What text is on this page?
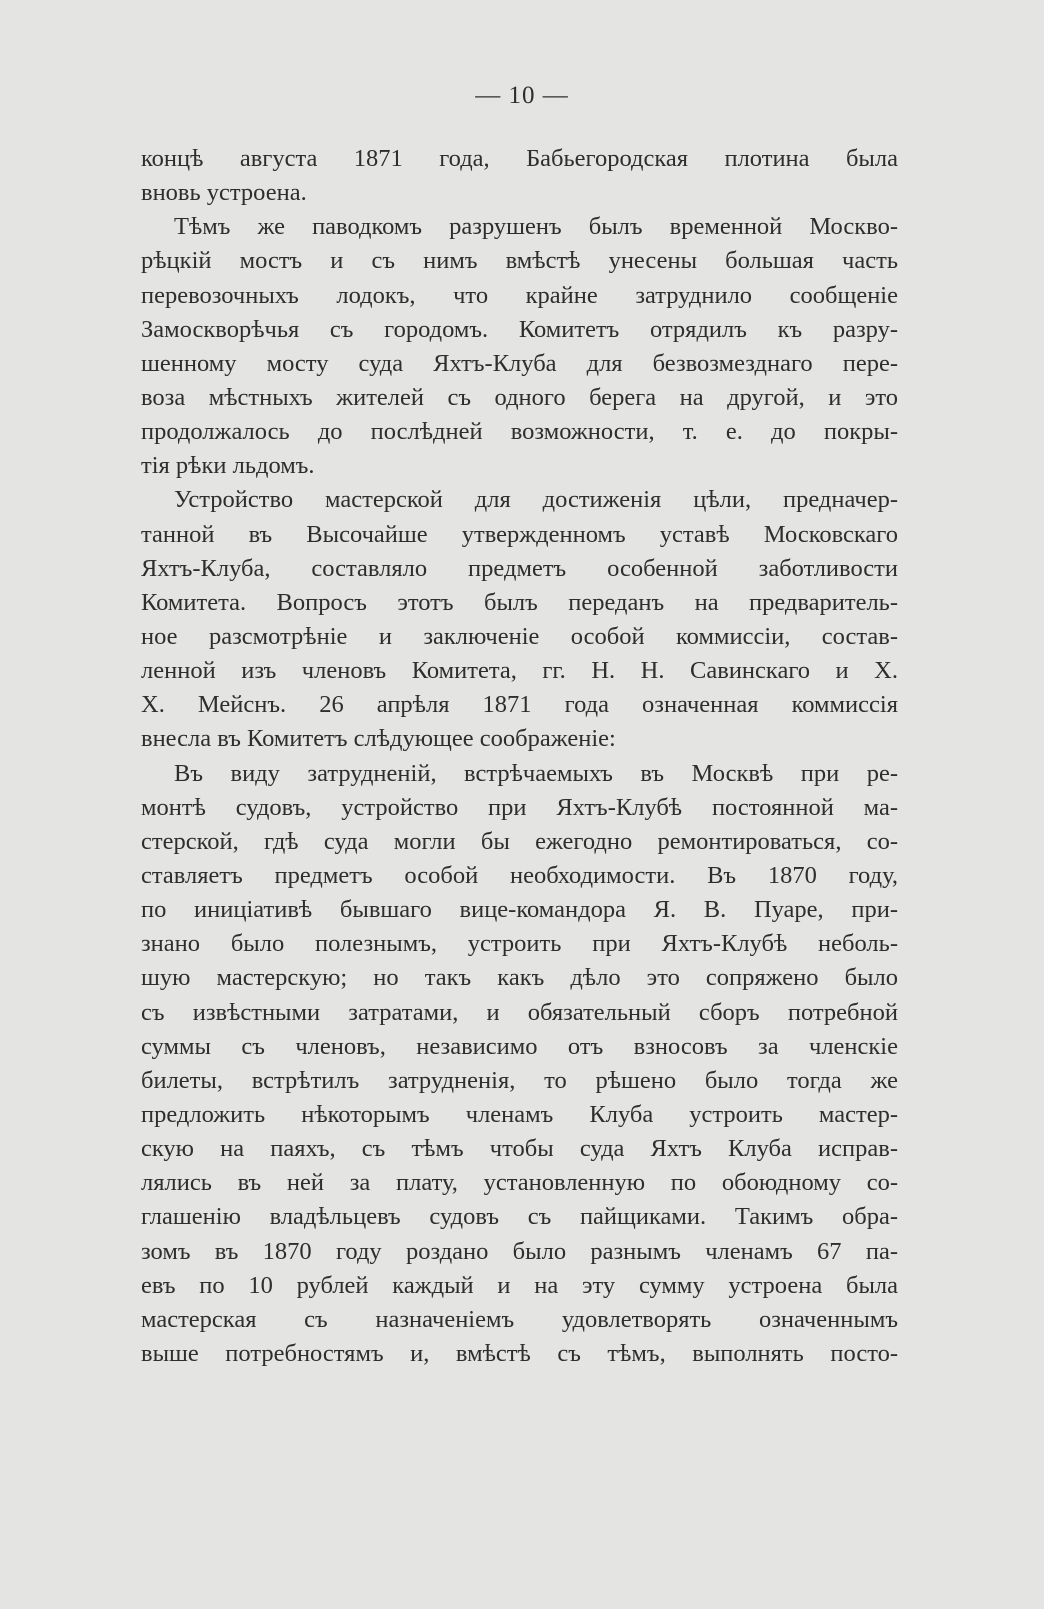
— 10 —
концѣ августа 1871 года, Бабьегородская плотина была
вновь устроена.
Тѣмъ же паводкомъ разрушенъ былъ временной Москво-
рѣцкій мостъ и съ нимъ вмѣстѣ унесены большая часть
перевозочныхъ лодокъ, что крайне затруднило сообщеніе
Замоскворѣчья съ городомъ. Комитетъ отрядилъ къ разру-
шенному мосту суда Яхтъ-Клуба для безвозмезднаго пере-
воза мѣстныхъ жителей съ одного берега на другой, и это
продолжалось до послѣдней возможности, т. е. до покры-
тія рѣки льдомъ.
Устройство мастерской для достиженія цѣли, предначер-
танной въ Высочайше утвержденномъ уставѣ Московскаго
Яхтъ-Клуба, составляло предметъ особенной заботливости
Комитета. Вопросъ этотъ былъ переданъ на предваритель-
ное разсмотрѣніе и заключеніе особой коммиссіи, состав-
ленной изъ членовъ Комитета, гг. Н. Н. Савинскаго и Х.
Х. Мейснъ. 26 апрѣля 1871 года означенная коммиссія
внесла въ Комитетъ слѣдующее соображеніе:
Въ виду затрудненій, встрѣчаемыхъ въ Москвѣ при ре-
монтѣ судовъ, устройство при Яхтъ-Клубѣ постоянной ма-
стерской, гдѣ суда могли бы ежегодно ремонтироваться, со-
ставляетъ предметъ особой необходимости. Въ 1870 году,
по иниціативѣ бывшаго вице-командора Я. В. Пуаре, при-
знано было полезнымъ, устроить при Яхтъ-Клубѣ неболь-
шую мастерскую; но такъ какъ дѣло это сопряжено было
съ извѣстными затратами, и обязательный сборъ потребной
суммы съ членовъ, независимо отъ взносовъ за членскіе
билеты, встрѣтилъ затрудненія, то рѣшено было тогда же
предложить нѣкоторымъ членамъ Клуба устроить мастер-
скую на паяхъ, съ тѣмъ чтобы суда Яхтъ Клуба исправ-
лялись въ ней за плату, установленную по обоюдному со-
глашенію владѣльцевъ судовъ съ пайщиками. Такимъ обра-
зомъ въ 1870 году роздано было разнымъ членамъ 67 па-
евъ по 10 рублей каждый и на эту сумму устроена была
мастерская съ назначеніемъ удовлетворять означеннымъ
выше потребностямъ и, вмѣстѣ съ тѣмъ, выполнять посто-
